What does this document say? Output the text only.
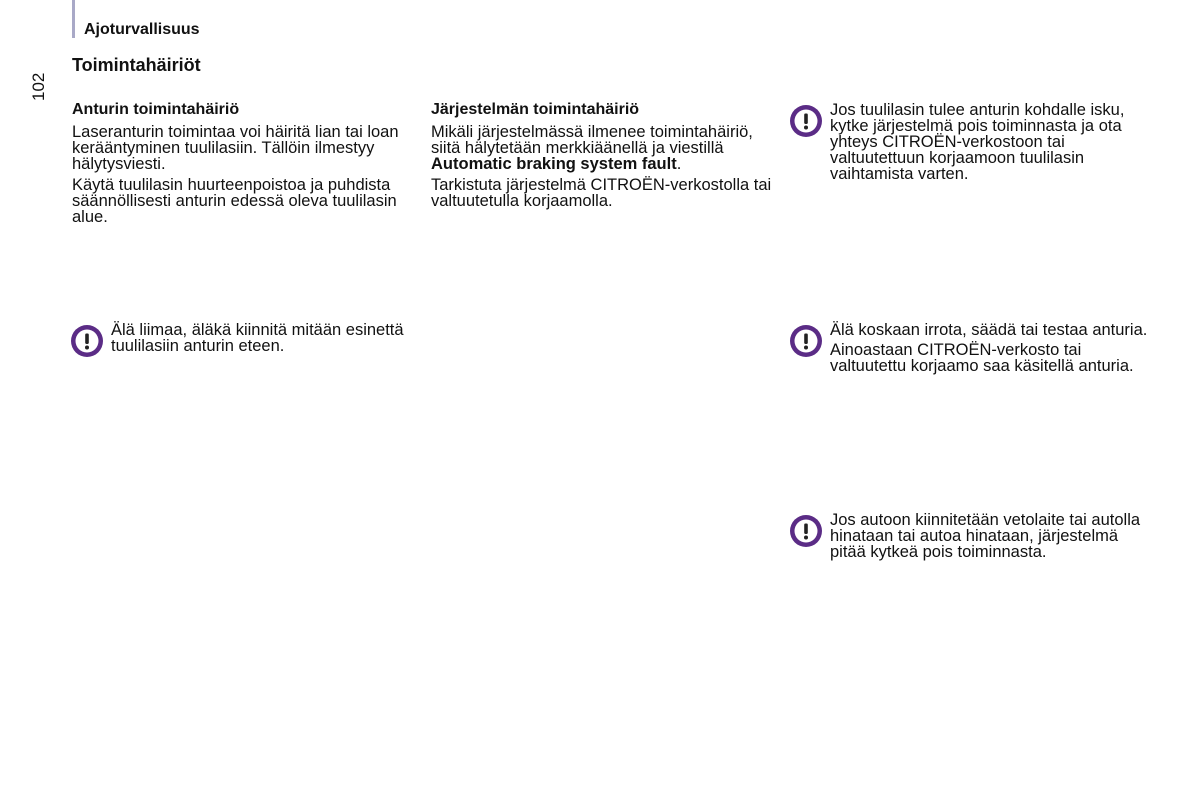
102
Ajoturvallisuus
Toimintahäiriöt
Anturin toimintahäiriö

Laseranturin toimintaa voi häiritä lian tai loan kerääntyminen tuulilasiin. Tällöin ilmestyy hälytysviesti.

Käytä tuulilasin huurteenpoistoa ja puhdista säännöllisesti anturin edessä oleva tuulilasin alue.

Järjestelmän toimintahäiriö

Mikäli järjestelmässä ilmenee toimintahäiriö, siitä hälytetään merkkiäänellä ja viestillä Automatic braking system fault.

Tarkistuta järjestelmä CITROËN-verkostolla tai valtuutetulla korjaamolla.

Jos tuulilasin tulee anturin kohdalle isku, kytke järjestelmä pois toiminnasta ja ota yhteys CITROËN-verkostoon tai valtuutettuun korjaamoon tuulilasin vaihtamista varten.

Älä liimaa, äläkä kiinnitä mitään esinettä tuulilasiin anturin eteen.

Älä koskaan irrota, säädä tai testaa anturia.

Ainoastaan CITROËN-verkosto tai valtuutettu korjaamo saa käsitellä anturia.

Jos autoon kiinnitetään vetolaite tai autolla hinataan tai autoa hinataan, järjestelmä pitää kytkeä pois toiminnasta.
